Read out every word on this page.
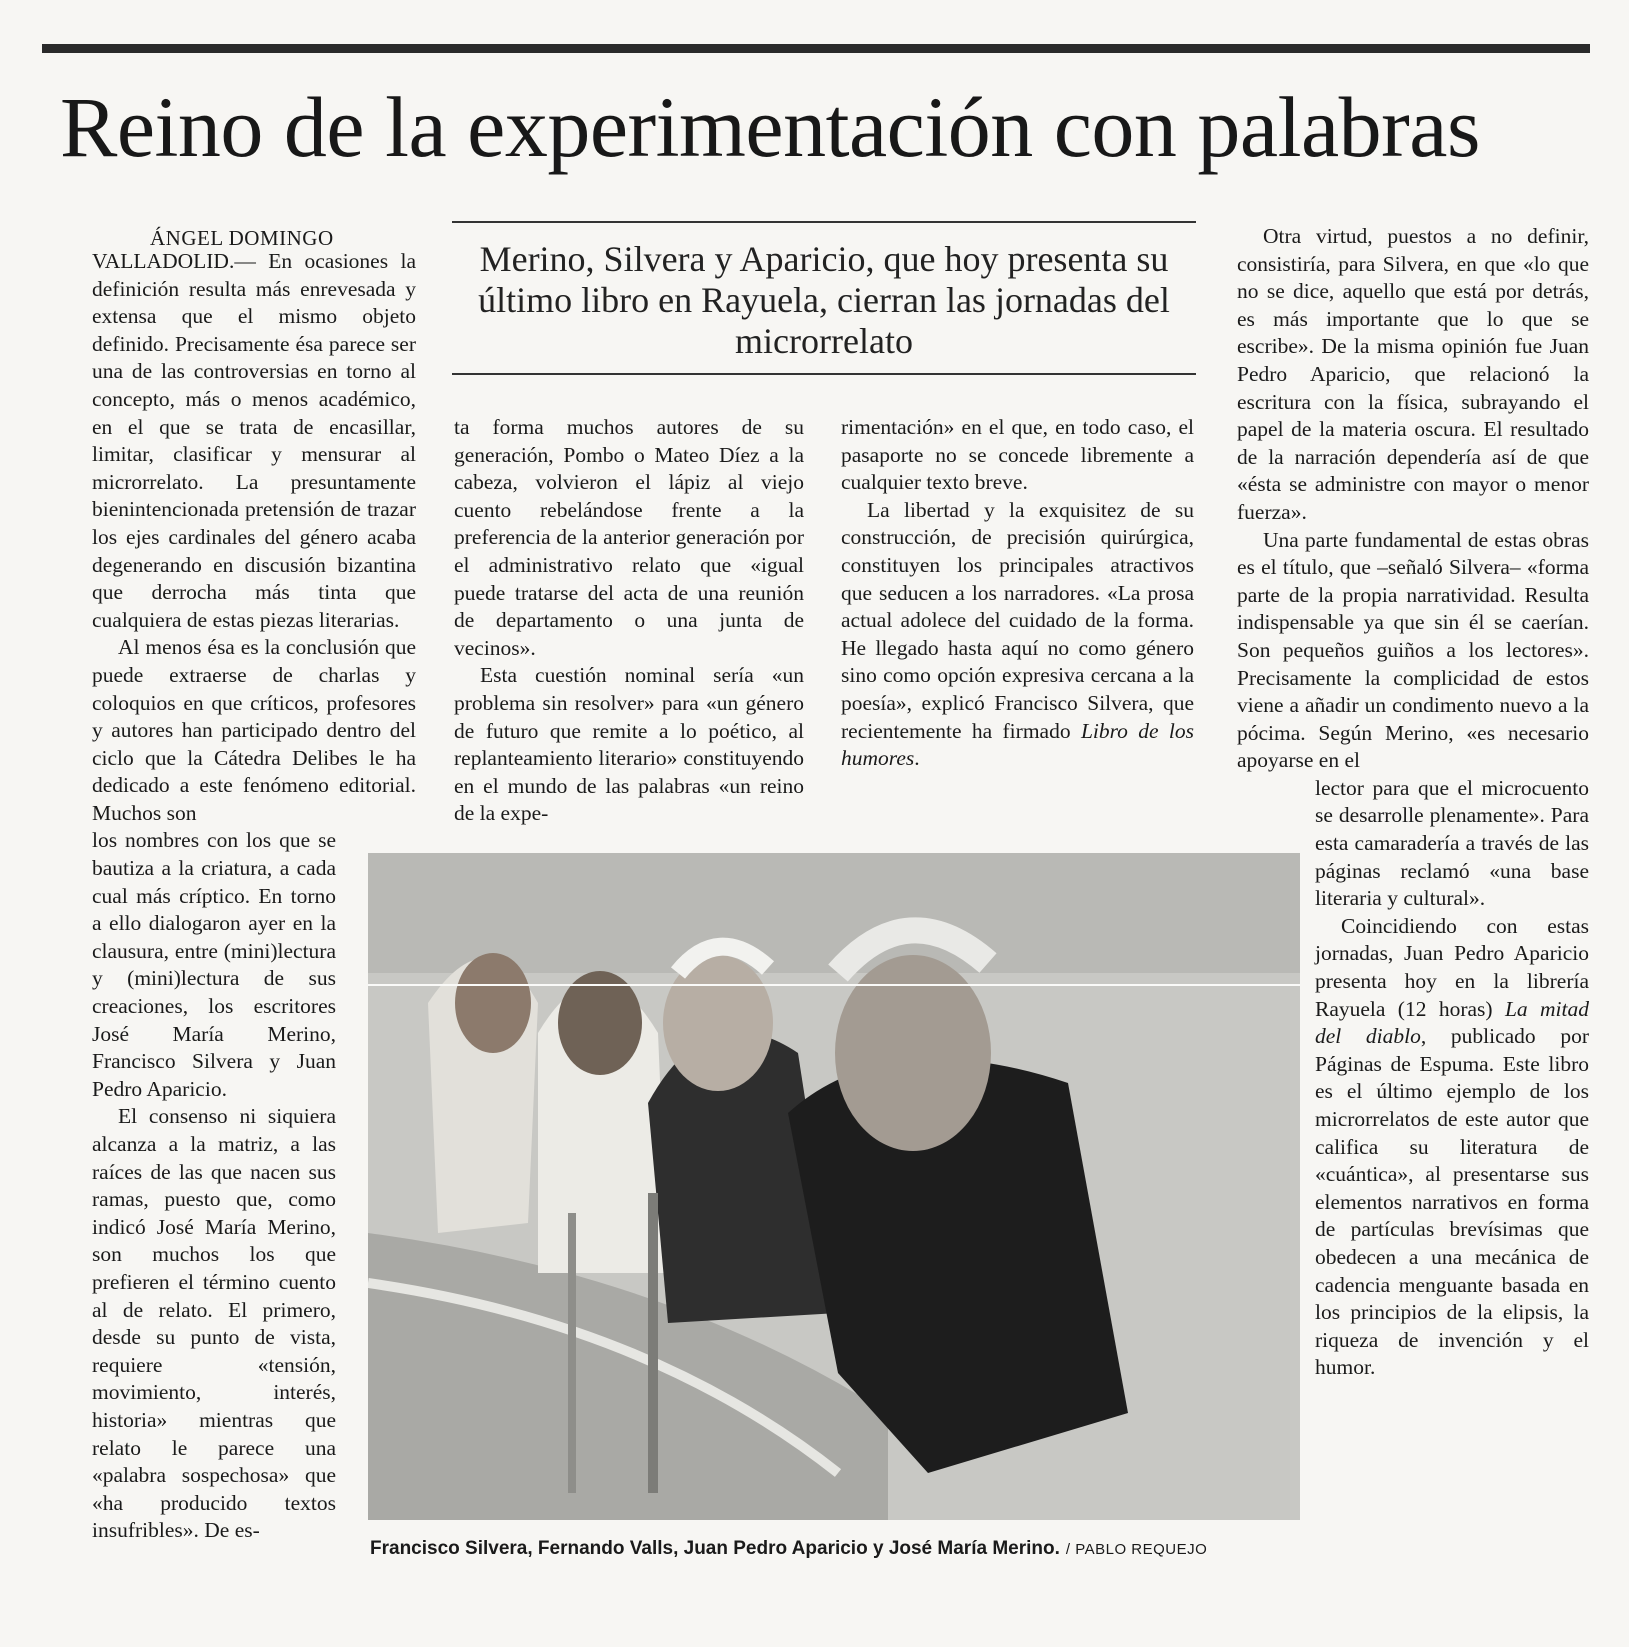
Reino de la experimentación con palabras
ÁNGEL DOMINGO

Merino, Silvera y Aparicio, que hoy presenta su último libro en Rayuela, cierran las jornadas del microrrelato

VALLADOLID.— En ocasiones la definición resulta más enrevesada y extensa que el mismo objeto definido. Precisamente ésa parece ser una de las controversias en torno al concepto, más o menos académico, en el que se trata de encasillar, limitar, clasificar y mensurar al microrrelato. La presuntamente bienintencionada pretensión de trazar los ejes cardinales del género acaba degenerando en discusión bizantina que derrocha más tinta que cualquiera de estas piezas literarias.

Al menos ésa es la conclusión que puede extraerse de charlas y coloquios en que críticos, profesores y autores han participado dentro del ciclo que la Cátedra Delibes le ha dedicado a este fenómeno editorial. Muchos son

los nombres con los que se bautiza a la criatura, a cada cual más críptico. En torno a ello dialogaron ayer en la clausura, entre (mini)lectura y (mini)lectura de sus creaciones, los escritores José María Merino, Francisco Silvera y Juan Pedro Aparicio.

El consenso ni siquiera alcanza a la matriz, a las raíces de las que nacen sus ramas, puesto que, como indicó José María Merino, son muchos los que prefieren el término cuento al de relato. El primero, desde su punto de vista, requiere «tensión, movimiento, interés, historia» mientras que relato le parece una «palabra sospechosa» que «ha producido textos insufribles». De es-

ta forma muchos autores de su generación, Pombo o Mateo Díez a la cabeza, volvieron el lápiz al viejo cuento rebelándose frente a la preferencia de la anterior generación por el administrativo relato que «igual puede tratarse del acta de una reunión de departamento o una junta de vecinos».

Esta cuestión nominal sería «un problema sin resolver» para «un género de futuro que remite a lo poético, al replanteamiento literario» constituyendo en el mundo de las palabras «un reino de la expe-

rimentación» en el que, en todo caso, el pasaporte no se concede libremente a cualquier texto breve.

La libertad y la exquisitez de su construcción, de precisión quirúrgica, constituyen los principales atractivos que seducen a los narradores. «La prosa actual adolece del cuidado de la forma. He llegado hasta aquí no como género sino como opción expresiva cercana a la poesía», explicó Francisco Silvera, que recientemente ha firmado Libro de los humores.

Otra virtud, puestos a no definir, consistiría, para Silvera, en que «lo que no se dice, aquello que está por detrás, es más importante que lo que se escribe». De la misma opinión fue Juan Pedro Aparicio, que relacionó la escritura con la física, subrayando el papel de la materia oscura. El resultado de la narración dependería así de que «ésta se administre con mayor o menor fuerza».

Una parte fundamental de estas obras es el título, que –señaló Silvera– «forma parte de la propia narratividad. Resulta indispensable ya que sin él se caerían. Son pequeños guiños a los lectores». Precisamente la complicidad de estos viene a añadir un condimento nuevo a la pócima. Según Merino, «es necesario apoyarse en el

lector para que el microcuento se desarrolle plenamente». Para esta camaradería a través de las páginas reclamó «una base literaria y cultural».

Coincidiendo con estas jornadas, Juan Pedro Aparicio presenta hoy en la librería Rayuela (12 horas) La mitad del diablo, publicado por Páginas de Espuma. Este libro es el último ejemplo de los microrrelatos de este autor que califica su literatura de «cuántica», al presentarse sus elementos narrativos en forma de partículas brevísimas que obedecen a una mecánica de cadencia menguante basada en los principios de la elipsis, la riqueza de invención y el humor.

Francisco Silvera, Fernando Valls, Juan Pedro Aparicio y José María Merino. / PABLO REQUEJO
